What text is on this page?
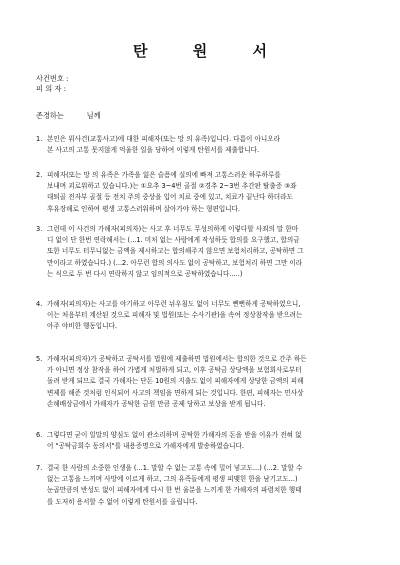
탄 원 서
사건번호 :
피 의 자 :
존경하는          님께
1. 본인은 위사건(교통사고)에 대한 피해자(또는 망 의 유족)입니다. 다름이 아니오라
본 사고의 고통 못지않게 억울한 일을 당하여 이렇게 탄원서를 제출합니다.
2. 피해자(또는 망 의 유족은 가족을 잃은 슬픔에 실의에 빠져 고통스러운 하루하루를
보내며 괴로워하고 있습니다.)는 ①요추 3~4번 골절 ②경추 2~3번 추간판 탈출증 ③좌
대퇴골 전자부 골절 등 전치 주의 중상을 입어 치료 중에 있고, 치료가 끝난다 하더라도
후유장해로 인하여 평생 고통스러워하며 살아가야 하는 형편입니다.
3. 그런데 이 사건의 가해자(피의자)는 사고 후 너무도 무성의하게 이렇다할 사죄의 말 한마
디 없이 단 한번 연락해서는 (...1. 미처 없는 사람에게 작성하듯 합의를 요구했고, 합의금
또한 너무도 터무니없는 금액을 제시하고는 합의해주지 않으면 보험처리하고, 공탁하면 그
만이라고 하였습니다.) (...2. 아무런 합의 의사도 없이 공탁하고, 보험처리 하면 그만 이라
는 식으로 두 번 다시 연락하지 않고 임의적으로 공탁하였습니다.....)
4. 가해자(피의자)는 사고를 야기하고 아무런 뉘우침도 없이 너무도 뻔뻔하게 공탁하였으니,
이는 처음부터 계산된 것으로 피해자 및 법원(또는 수사기관)을 속여 정상참작을 받으려는
아주 야비한 행동입니다.
5. 가해자(피의자)가 공탁하고 공탁서를 법원에 제출하면 법원에서는 합의한 것으로 간주 하든
가 아니면 정상 참작을 하여 가볍게 처벌하게 되고, 이후 공탁금 상당액을 보험회사로부터
돌려 받게 되므로 결국 가해자는 단돈 10원의 지출도 없이 피해자에게 상당한 금액의 피해
변제를 해준 것처럼 인식되어 사고의 책임을 면하게 되는 것입니다. 한편, 피해자는 민사상
손해배상금에서 가해자가 공탁한 금원 만큼 공제 당하고 보상을 받게 됩니다.
6. 그렇다면 굳이 일말의 양심도 없이 관소리하며 공탁한 가해자의 돈을 받을 이유가 전혀 없
어 "공탁금회수 동의서"를 내용증명으로 가해자에게 발송하였습니다.
7. 결국 한 사람의 소중한 인생을 (...1. 말할 수 없는 고통 속에 밀어 넣고도...) (...2. 말할 수
없는 고통을 느끼며 사망에 이르게 하고, 그의 유족들에게 평생 피맺힌 한을 남기고도...)
눈곱만큼의 반성도 없이 피해자에게 다시 한 번 울분을 느끼게 한 가해자의 파렴치한 행태
를 도저히 용서할 수 없어 이렇게 탄원서를 올립니다.
